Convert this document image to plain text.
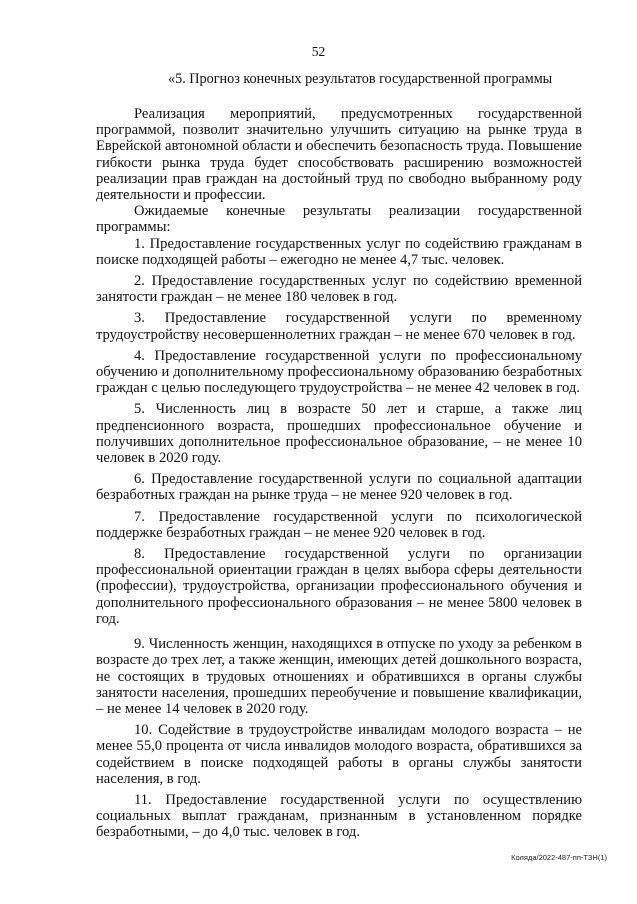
52
«5. Прогноз конечных результатов государственной программы

Реализация мероприятий, предусмотренных государственной программой, позволит значительно улучшить ситуацию на рынке труда в Еврейской автономной области и обеспечить безопасность труда. Повышение гибкости рынка труда будет способствовать расширению возможностей реализации прав граждан на достойный труд по свободно выбранному роду деятельности и профессии.

Ожидаемые конечные результаты реализации государственной программы:

1. Предоставление государственных услуг по содействию гражданам в поиске подходящей работы – ежегодно не менее 4,7 тыс. человек.

2. Предоставление государственных услуг по содействию временной занятости граждан – не менее 180 человек в год.

3. Предоставление государственной услуги по временному трудоустройству несовершеннолетних граждан – не менее 670 человек в год.

4. Предоставление государственной услуги по профессиональному обучению и дополнительному профессиональному образованию безработных граждан с целью последующего трудоустройства – не менее 42 человек в год.

5. Численность лиц в возрасте 50 лет и старше, а также лиц предпенсионного возраста, прошедших профессиональное обучение и получивших дополнительное профессиональное образование, – не менее 10 человек в 2020 году.

6. Предоставление государственной услуги по социальной адаптации безработных граждан на рынке труда – не менее 920 человек в год.

7. Предоставление государственной услуги по психологической поддержке безработных граждан – не менее 920 человек в год.

8. Предоставление государственной услуги по организации профессиональной ориентации граждан в целях выбора сферы деятельности (профессии), трудоустройства, организации профессионального обучения и дополнительного профессионального образования – не менее 5800 человек в год.

9. Численность женщин, находящихся в отпуске по уходу за ребенком в возрасте до трех лет, а также женщин, имеющих детей дошкольного возраста, не состоящих в трудовых отношениях и обратившихся в органы службы занятости населения, прошедших переобучение и повышение квалификации, – не менее 14 человек в 2020 году.

10. Содействие в трудоустройстве инвалидам молодого возраста – не менее 55,0 процента от числа инвалидов молодого возраста, обратившихся за содействием в поиске подходящей работы в органы службы занятости населения, в год.

11. Предоставление государственной услуги по осуществлению социальных выплат гражданам, признанным в установленном порядке безработными, – до 4,0 тыс. человек в год.

Коляда/2022-487-пп-ТЗН(1)
